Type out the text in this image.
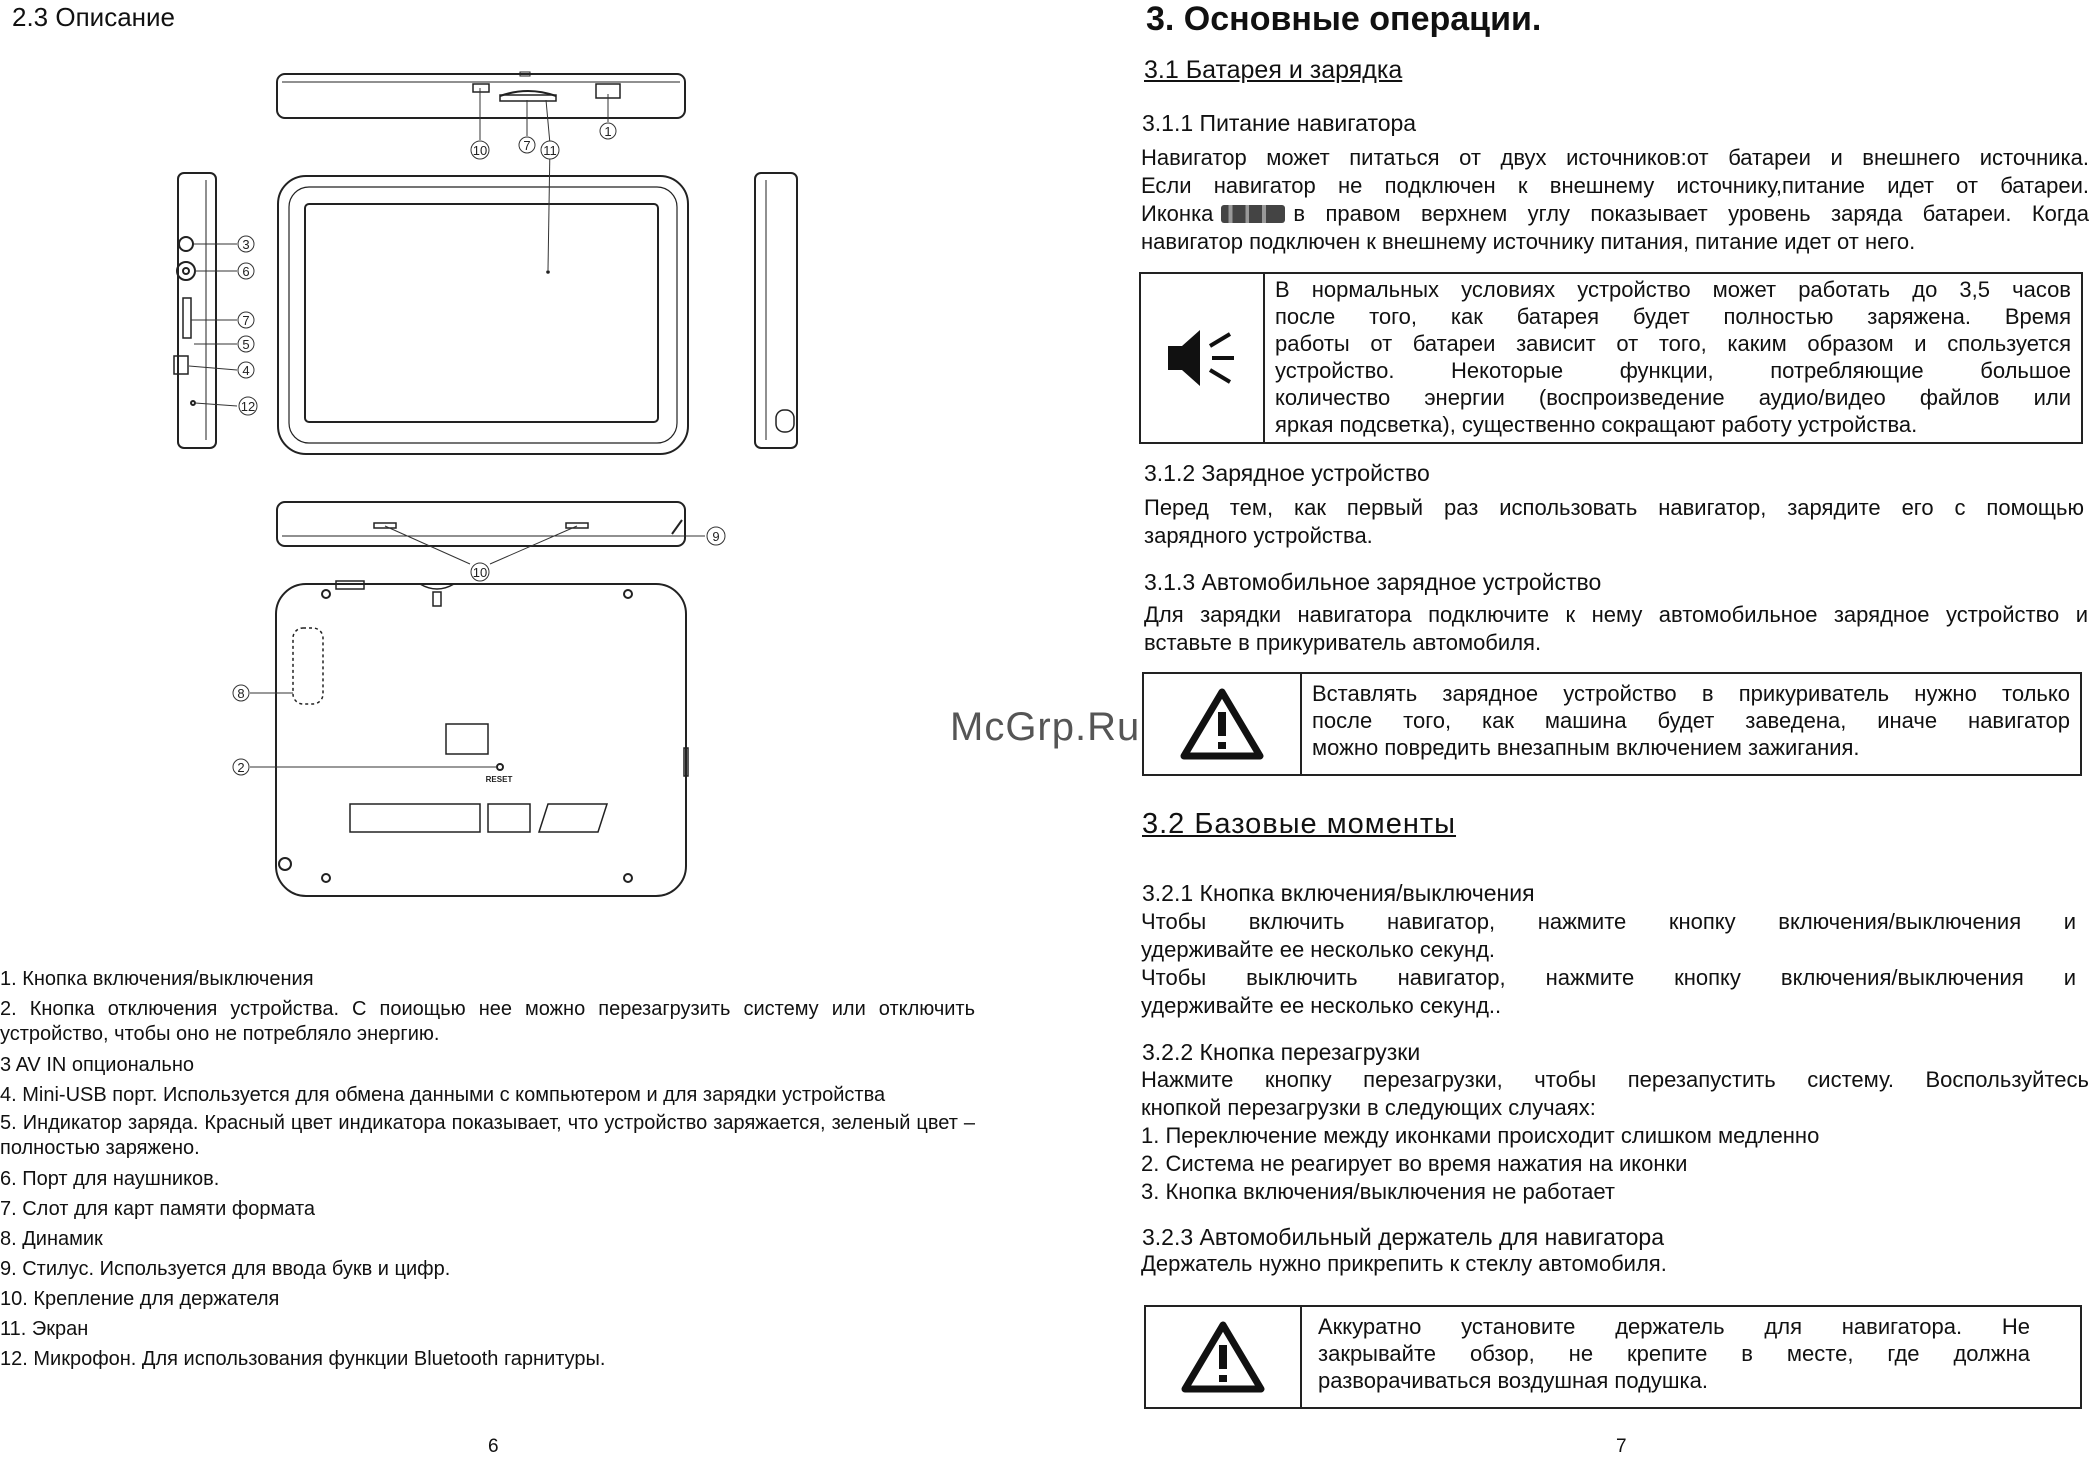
2.3 Описание
1
10	7 11
3
6
7
5
4
12
9
10
8
2
RESET
1. Кнопка включения/выключения
2. Кнопка отключения устройства. С поиощью нее можно перезагрузить систему или отключить устройство, чтобы оно не потребляло энергию.
3 AV IN опционально
4. Mini-USB порт. Используется для обмена данными с компьютером и для зарядки устройства
5. Индикатор заряда. Красный цвет индикатора показывает, что устройство заряжается, зеленый цвет – полностью заряжено.
6. Порт для наушников.
7. Слот для карт памяти формата
8. Динамик
9. Стилус. Используется для ввода букв и цифр.
10. Крепление для держателя
11. Экран
12. Микрофон. Для использования функции Bluetooth гарнитуры.
6
McGrp.Ru
3. Основные операции.
3.1 Батарея и зарядка
3.1.1 Питание навигатора
Навигатор может питаться от двух источников:от батареи и внешнего источника.
Если навигатор не подключен к внешнему источнику,питание идет от батареи.
Иконка	в правом верхнем углу показывает уровень заряда батареи. Когда
навигатор подключен к внешнему источнику питания, питание идет от него.
В нормальных условиях устройство может работать до 3,5 часов
после того, как батарея будет полностью заряжена. Время
работы от батареи зависит от того, каким образом и спользуется
устройство. Некоторые функции, потребляющие большое
количество энергии (воспроизведение аудио/видео файлов или
яркая подсветка), существенно сокращают работу устройства.
3.1.2 Зарядное устройство
Перед тем, как первый раз использовать навигатор, зарядите его с помощью
зарядного устройства.
3.1.3 Автомобильное зарядное устройство
Для зарядки навигатора подключите к нему автомобильное зарядное устройство и
вставьте в прикуриватель автомобиля.
Вставлять зарядное устройство в прикуриватель нужно только
после того, как машина будет заведена, иначе навигатор
можно повредить внезапным включением зажигания.
3.2 Базовые моменты
3.2.1 Кнопка включения/выключения
Чтобы включить навигатор, нажмите кнопку включения/выключения и
удерживайте ее несколько секунд.
Чтобы выключить навигатор, нажмите кнопку включения/выключения и
удерживайте ее несколько секунд..
3.2.2 Кнопка перезагрузки
Нажмите кнопку перезагрузки, чтобы перезапустить систему. Воспользуйтесь
кнопкой перезагрузки в следующих случаях:
1. Переключение между иконками происходит слишком медленно
2. Система не реагирует во время нажатия на иконки
3. Кнопка включения/выключения не работает
3.2.3 Автомобильный держатель для навигатора
Держатель нужно прикрепить к стеклу автомобиля.
Аккуратно установите держатель для навигатора. Не
закрывайте обзор, не крепите в месте, где должна
разворачиваться воздушная подушка.
7
